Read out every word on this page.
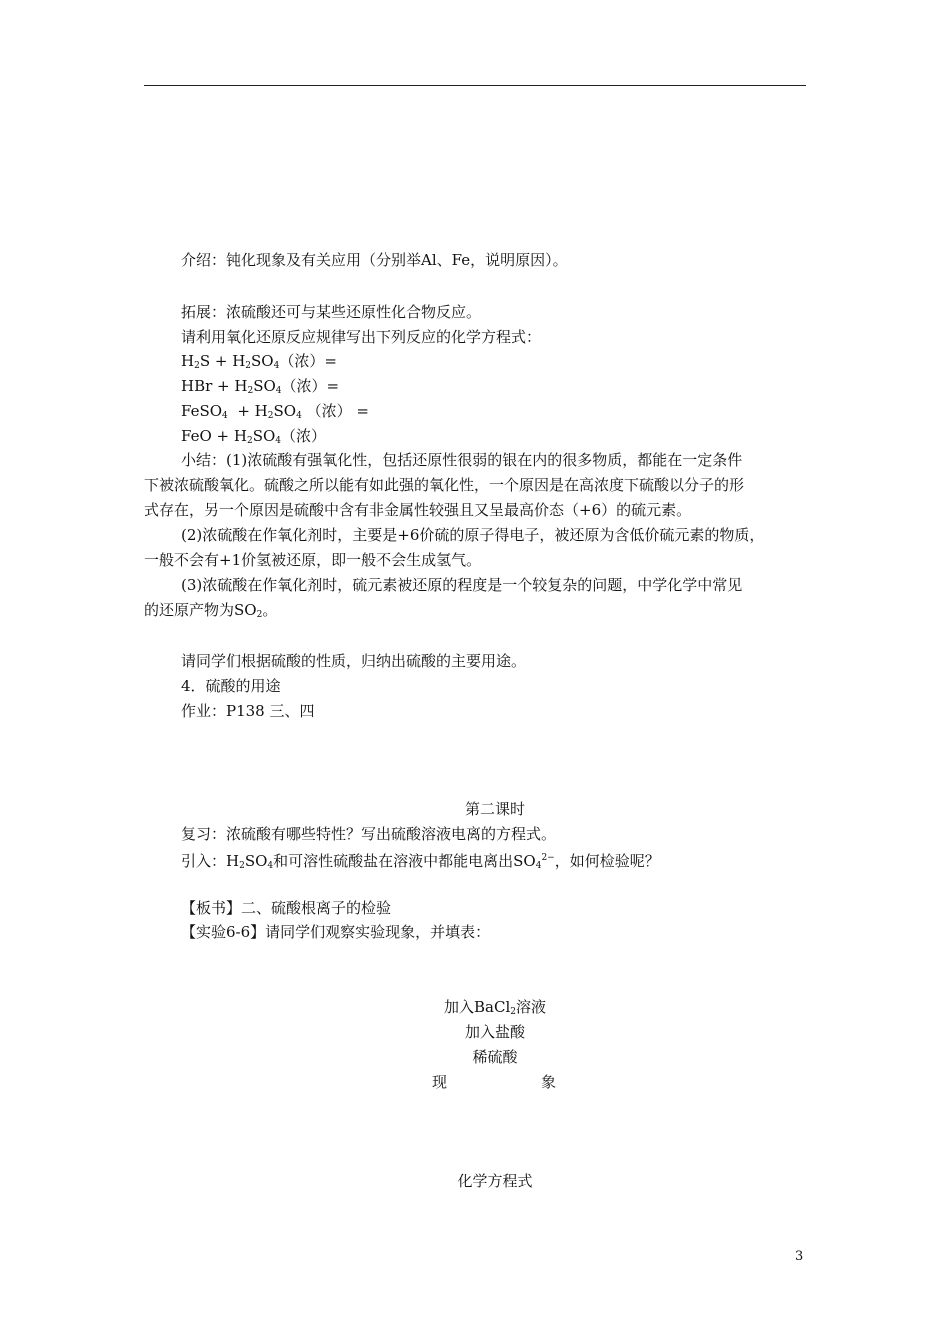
介绍：钝化现象及有关应用（分别举Al、Fe，说明原因）。
拓展：浓硫酸还可与某些还原性化合物反应。
请利用氧化还原反应规律写出下列反应的化学方程式：
$H_2S + H_2SO_4$（浓）=
HBr + $H_2SO_4$（浓）=
FeSO$_4$  + $H_2SO_4$ （浓） =
FeO + $H_2SO_4$（浓）
小结：(1)浓硫酸有强氧化性，包括还原性很弱的银在内的很多物质，都能在一定条件
下被浓硫酸氧化。硫酸之所以能有如此强的氧化性，一个原因是在高浓度下硫酸以分子的形
式存在，另一个原因是硫酸中含有非金属性较强且又呈最高价态（+6）的硫元素。
(2)浓硫酸在作氧化剂时，主要是+6价硫的原子得电子，被还原为含低价硫元素的物质，
一般不会有+1价氢被还原，即一般不会生成氢气。
(3)浓硫酸在作氧化剂时，硫元素被还原的程度是一个较复杂的问题，中学化学中常见
的还原产物为$SO_2$。
请同学们根据硫酸的性质，归纳出硫酸的主要用途。
4．硫酸的用途
作业：P138 三、四
第二课时
复习：浓硫酸有哪些特性？写出硫酸溶液电离的方程式。
引入：$H_2SO_4$和可溶性硫酸盐在溶液中都能电离出$SO_4^{2-}$，如何检验呢？
【板书】二、硫酸根离子的检验
【实验6-6】请同学们观察实验现象，并填表：
加入BaCl$_2$溶液
加入盐酸
稀硫酸
现	象
化学方程式
3
